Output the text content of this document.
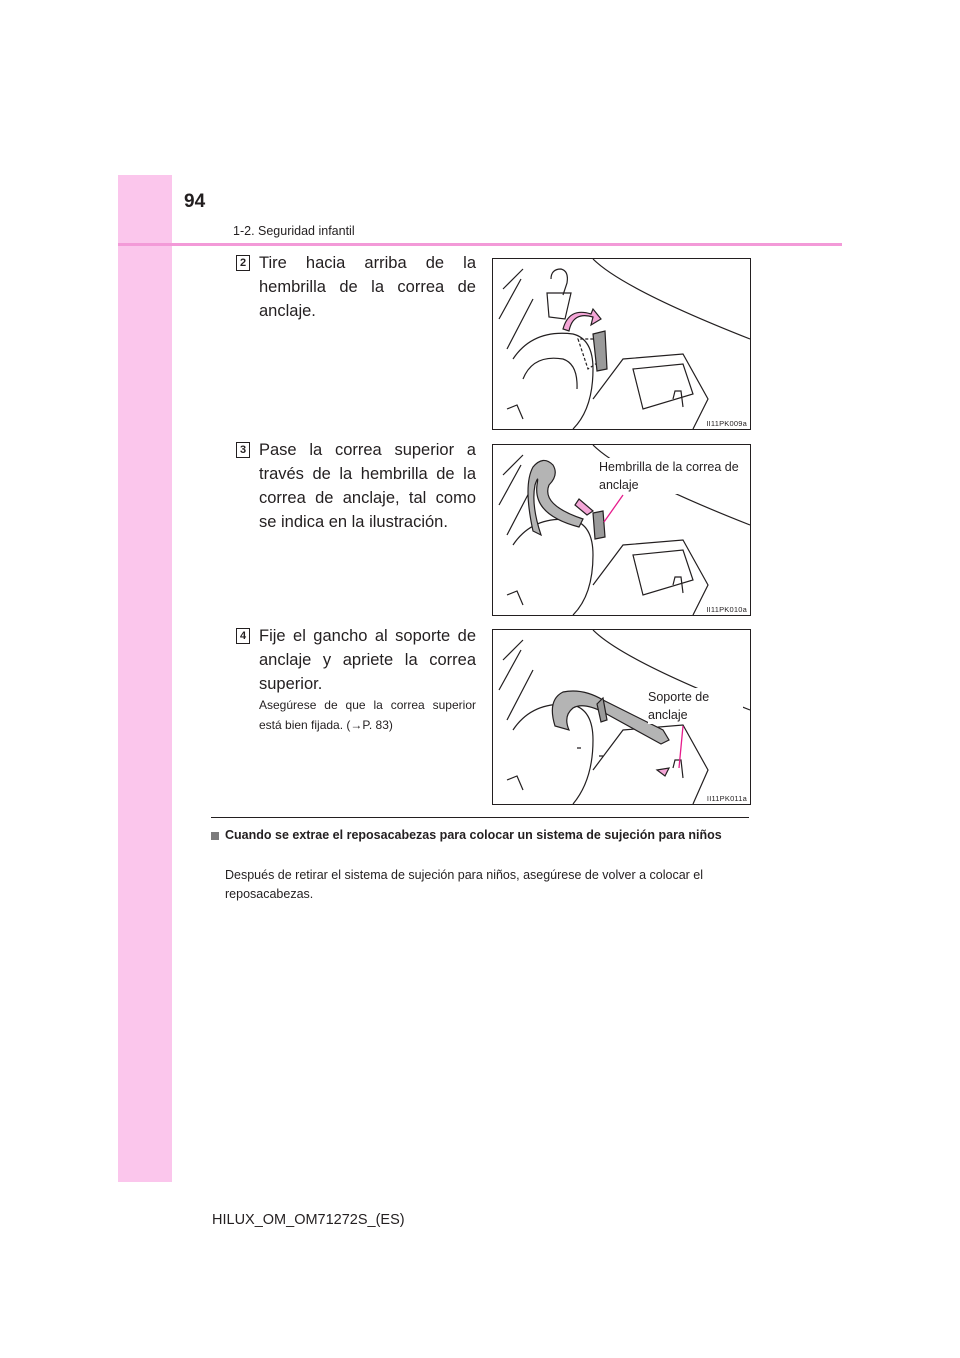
94
1-2. Seguridad infantil
2 Tire hacia arriba de la hembrilla de la correa de anclaje.
II11PK009a
3 Pase la correa superior a través de la hembrilla de la correa de anclaje, tal como se indica en la ilustración.
Hembrilla de la correa de anclaje
II11PK010a
4 Fije el gancho al soporte de anclaje y apriete la correa superior.
Asegúrese de que la correa superior está bien fijada. (→P. 83)
Soporte de anclaje
II11PK011a
Cuando se extrae el reposacabezas para colocar un sistema de sujeción para niños
Después de retirar el sistema de sujeción para niños, asegúrese de volver a colocar el reposacabezas.
HILUX_OM_OM71272S_(ES)
